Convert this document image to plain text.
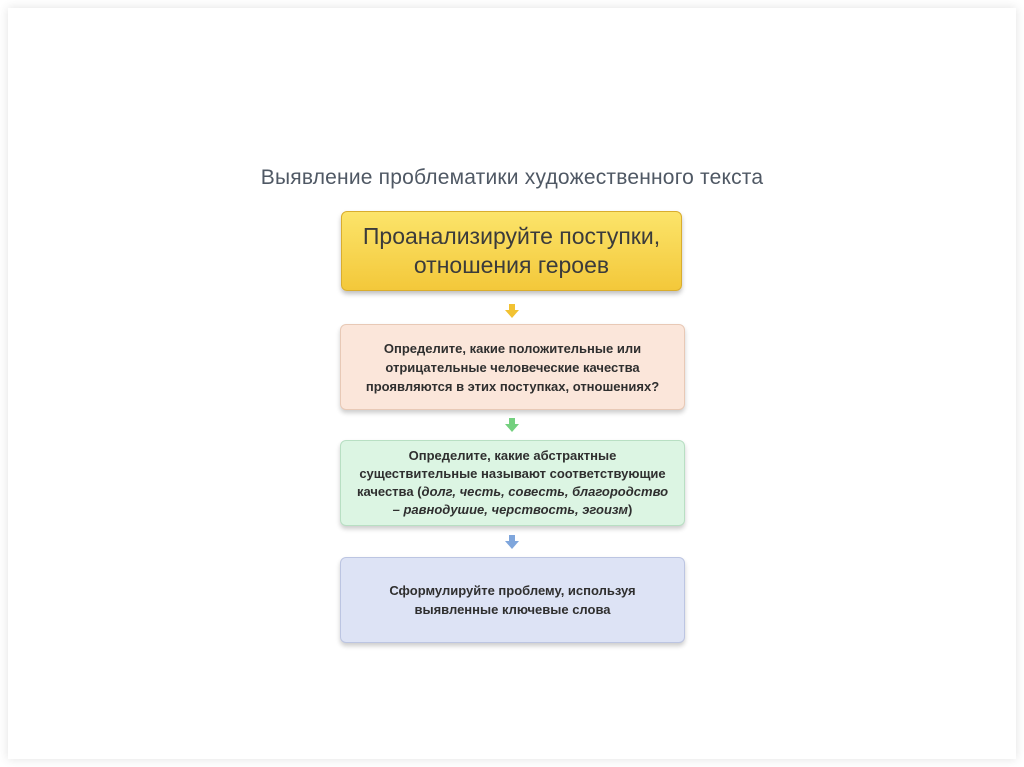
Выявление проблематики художественного текста
Проанализируйте поступки,
отношения героев
Определите, какие положительные или
отрицательные человеческие качества
проявляются в этих поступках, отношениях?
Определите, какие абстрактные
существительные называют соответствующие
качества (долг, честь, совесть, благородство
– равнодушие, черствость, эгоизм)
Сформулируйте проблему, используя
выявленные ключевые слова
